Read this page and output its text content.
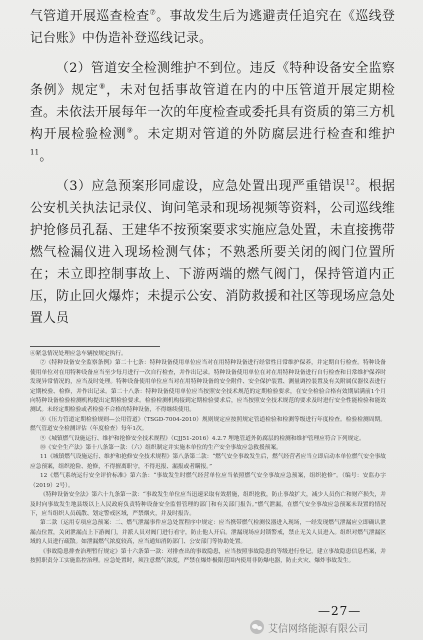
气管道开展巡查检查⑦。事故发生后为逃避责任追究在《巡线登记台账》中伪造补登巡线记录。

（2）管道安全检测维护不到位。违反《特种设备安全监察条例》规定⑧，未对包括事故管道在内的中压管道开展定期检查。未依法开展每年一次的年度检查或委托具有资质的第三方机构开展检验检测⑨。未定期对管道的外防腐层进行检查和维护$^{11}$。

（3）应急预案形同虚设，应急处置出现严重错误$^{12}$。根据公安机关执法记录仪、询问笔录和现场视频等资料，公司巡线维护抢修员孔磊、王建华不按预案要求实施应急处置，未直接携带燃气检漏仪进入现场检测气体；不熟悉所要关闭的阀门位置所在；未立即控制事故上、下游两端的燃气阀门，保持管道内正压，防止回火爆炸；未提示公安、消防救援和社区等现场应急处置人员

⑥紧急情况处理应急车辆按规定执行。

⑦《特种设备安全监察条例》第二十七条：特种设备使用单位应当对在用特种设备进行经常性日常维护保养，并定期自行检查。特种设备使用单位对在用特种设备应当至少每月进行一次自行检查，并作出记录。特种设备使用单位在对在用特种设备进行自行检查和日常维护保养时发现异常情况的，应当及时处理。特种设备使用单位应当对在用特种设备的安全附件、安全保护装置、测量调控装置及有关附属仪器仪表进行定期校验、检修，并作出记录。第二十八条：特种设备使用单位应当按照安全技术规范的定期检验要求，在安全检验合格有效期届满前1个月向特种设备检验检测机构提出定期检验要求。检验检测机构接到定期检验要求后，应当按照安全技术规范的要求及时进行安全性能检验和能效测试。未经定期检验或者检验不合格的特种设备，不得继续使用。

⑧《压力管道定期检验规则—公用管道》（TSGD-7004-2010）规则规定应按照规定管道检验和检测等级进行年度检查。检验检测周期。燃气管道安全检测评估（年度检查）每年1次。

⑨《城镇燃气设施运行、维护和抢修安全技术规程》（CJJ51-2016）4.2.7 埋地管道外防腐层的检测和维护管理应符合下列规定。

⑩《安全生产法》第十八条第一款：（六）组织制定并实施本单位的生产安全事故应急救援预案。

11《城镇燃气设施运行、维护和抢修安全技术规程》第八条第二款：“燃气安全事故发生后，燃气经营者应当立即启动本单位燃气安全事故应急预案，组织抢险、抢修，不得擅离职守，不得迟报、漏报或者瞒报。”

12《燃气系统运行安全评价标准》第六条：“事故发生时燃气经营单位应当依照燃气安全事故应急预案，组织抢修”。（编号：安监办字（2019）2号）。

《特种设备安全法》第六十九条第一款：“事故发生单位应当迅速采取有效措施，组织抢救，防止事故扩大，减少人员伤亡和财产损失，并及时向事故发生地县级以上人民政府负责特种设备安全监督管理的部门和有关部门报告。”燃气泄漏，在燃气安全事故应急预案未设置的情况下，应当组织人员疏散、划定警戒区域，严禁烟火，并及时报告。

第二款（运用专项应急预案：二、燃气泄漏事件应急处置程序中规定：应当携带燃气检测仪器进入现场，一经发现燃气泄漏应立即确认泄漏点位置，关闭泄漏点上下游阀门，并派人员对阀门进行看守，防止他人开启。泄漏现场应封锁警戒，禁止无关人员进入。组织对燃气泄漏区域的人员进行疏散。如泄漏燃气浓度较高，应当通知消防部门、公安部门等协助处置。

《事故隐患排查治理暂行规定》第十六条第一款：对排查出的事故隐患，应当按照事故隐患的等级进行登记，建立事故隐患信息档案，并按照职责分工实施监控治理。应急处置时，须注意燃气浓度，严禁在爆炸极限范围内使用非防爆电器，防止火灾、爆炸事故发生。

—27—
艾信网络能源有限公司
